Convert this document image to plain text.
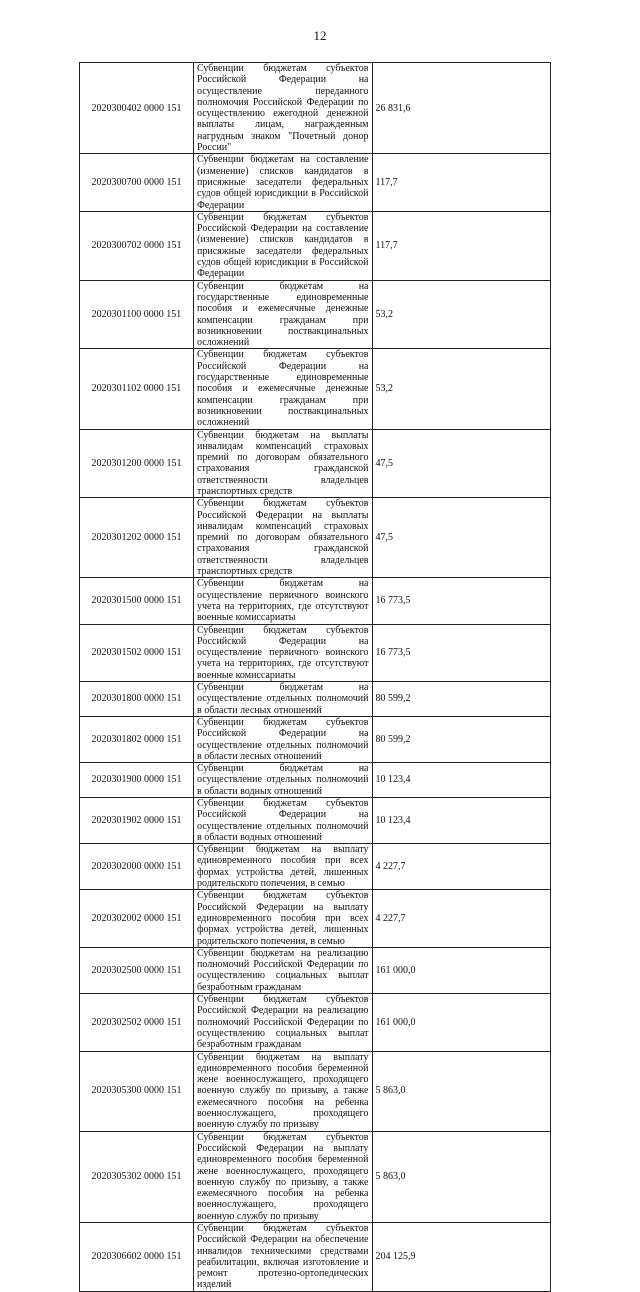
12
2020300402 0000 151	Субвенции бюджетам субъектов Российской Федерации на осуществление переданного полномочия Российской Федерации по осуществлению ежегодной денежной выплаты лицам, награжденным нагрудным знаком "Почетный донор России"	26 831,6
2020300700 0000 151	Субвенции бюджетам на составление (изменение) списков кандидатов в присяжные заседатели федеральных судов общей юрисдикции в Российской Федерации	117,7
2020300702 0000 151	Субвенции бюджетам субъектов Российской Федерации на составление (изменение) списков кандидатов в присяжные заседатели федеральных судов общей юрисдикции в Российской Федерации	117,7
2020301100 0000 151	Субвенции бюджетам на государственные единовременные пособия и ежемесячные денежные компенсации гражданам при возникновении поствакцинальных осложнений	53,2
2020301102 0000 151	Субвенции бюджетам субъектов Российской Федерации на государственные единовременные пособия и ежемесячные денежные компенсации гражданам при возникновении поствакцинальных осложнений	53,2
2020301200 0000 151	Субвенции бюджетам на выплаты инвалидам компенсаций страховых премий по договорам обязательного страхования гражданской ответственности владельцев транспортных средств	47,5
2020301202 0000 151	Субвенции бюджетам субъектов Российской Федерации на выплаты инвалидам компенсаций страховых премий по договорам обязательного страхования гражданской ответственности владельцев транспортных средств	47,5
2020301500 0000 151	Субвенции бюджетам на осуществление первичного воинского учета на территориях, где отсутствуют военные комиссариаты	16 773,5
2020301502 0000 151	Субвенции бюджетам субъектов Российской Федерации на осуществление первичного воинского учета на территориях, где отсутствуют военные комиссариаты	16 773,5
2020301800 0000 151	Субвенции бюджетам на осуществление отдельных полномочий в области лесных отношений	80 599,2
2020301802 0000 151	Субвенции бюджетам субъектов Российской Федерации на осуществление отдельных полномочий в области лесных отношений	80 599,2
2020301900 0000 151	Субвенции бюджетам на осуществление отдельных полномочий в области водных отношений	10 123,4
2020301902 0000 151	Субвенции бюджетам субъектов Российской Федерации на осуществление отдельных полномочий в области водных отношений	10 123,4
2020302000 0000 151	Субвенции бюджетам на выплату единовременного пособия при всех формах устройства детей, лишенных родительского попечения, в семью	4 227,7
2020302002 0000 151	Субвенции бюджетам субъектов Российской Федерации на выплату единовременного пособия при всех формах устройства детей, лишенных родительского попечения, в семью	4 227,7
2020302500 0000 151	Субвенции бюджетам на реализацию полномочий Российской Федерации по осуществлению социальных выплат безработным гражданам	161 000,0
2020302502 0000 151	Субвенции бюджетам субъектов Российской Федерации на реализацию полномочий Российской Федерации по осуществлению социальных выплат безработным гражданам	161 000,0
2020305300 0000 151	Субвенции бюджетам на выплату единовременного пособия беременной жене военнослужащего, проходящего военную службу по призыву, а также ежемесячного пособия на ребенка военнослужащего, проходящего военную службу по призыву	5 863,0
2020305302 0000 151	Субвенции бюджетам субъектов Российской Федерации на выплату единовременного пособия беременной жене военнослужащего, проходящего военную службу по призыву, а также ежемесячного пособия на ребенка военнослужащего, проходящего военную службу по призыву	5 863,0
2020306602 0000 151	Субвенции бюджетам субъектов Российской Федерации на обеспечение инвалидов техническими средствами реабилитации, включая изготовление и ремонт протезно-ортопедических изделий	204 125,9
